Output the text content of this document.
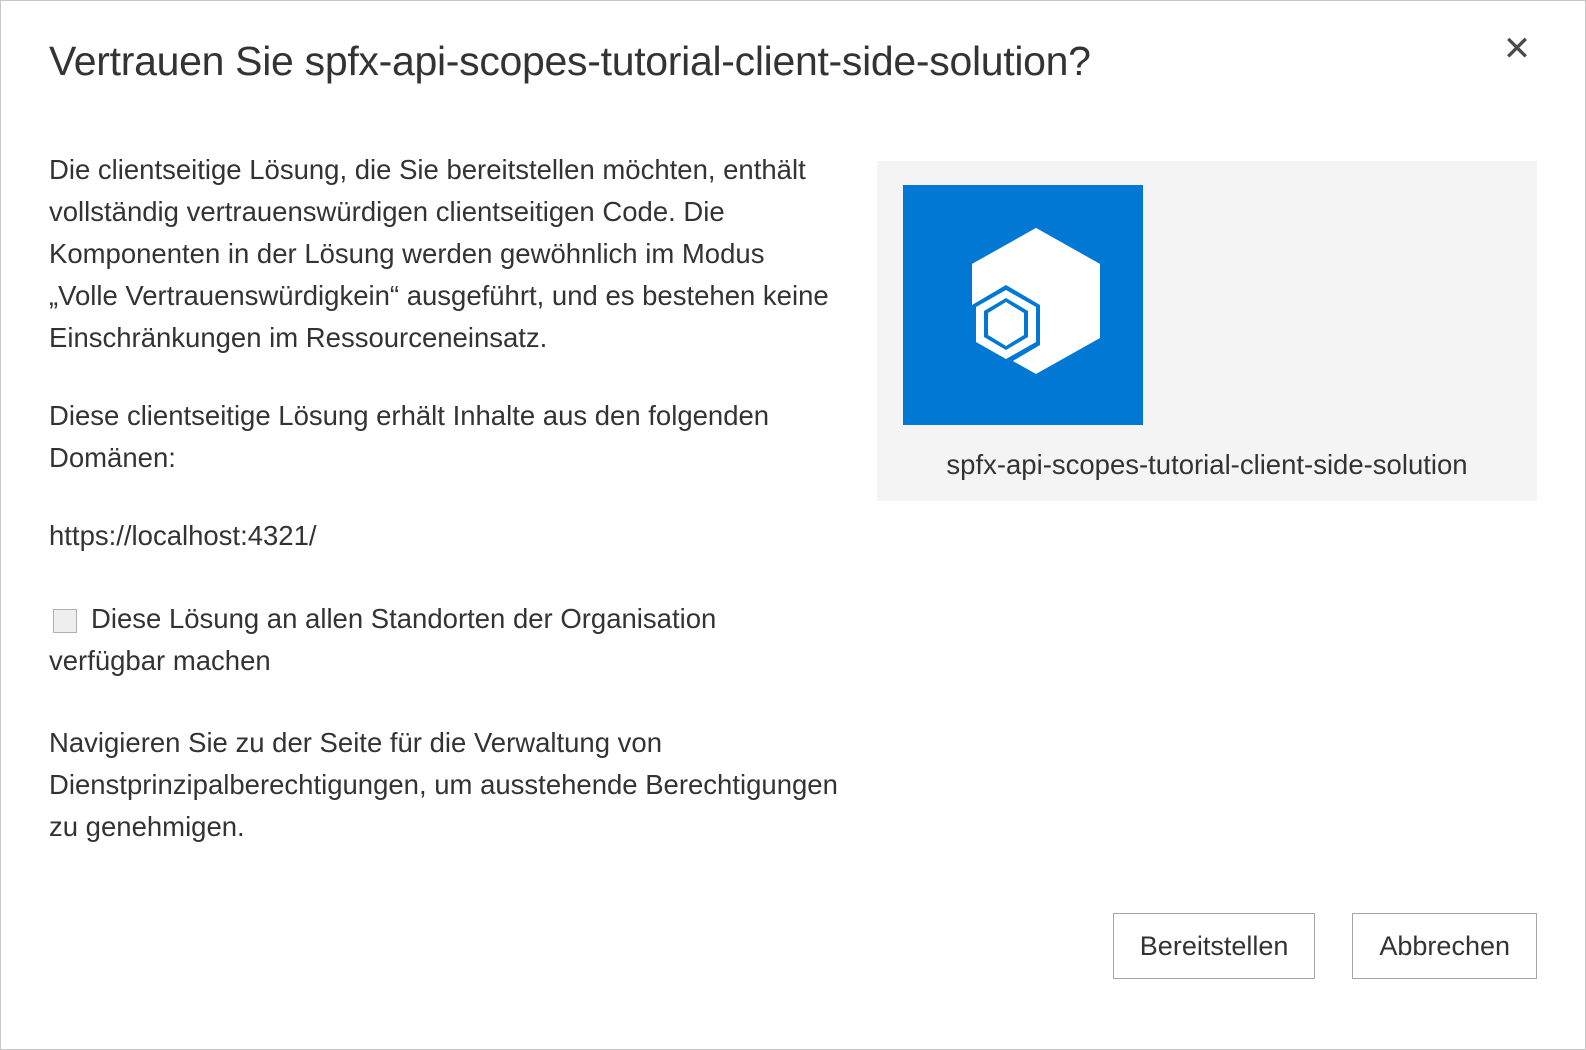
Vertrauen Sie spfx-api-scopes-tutorial-client-side-solution?	✕

Die clientseitige Lösung, die Sie bereitstellen möchten, enthält vollständig vertrauenswürdigen clientseitigen Code. Die Komponenten in der Lösung werden gewöhnlich im Modus „Volle Vertrauenswürdigkein“ ausgeführt, und es bestehen keine Einschränkungen im Ressourceneinsatz.

Diese clientseitige Lösung erhält Inhalte aus den folgenden Domänen:

https://localhost:4321/

Diese Lösung an allen Standorten der Organisation verfügbar machen

Navigieren Sie zu der Seite für die Verwaltung von Dienstprinzipalberechtigungen, um ausstehende Berechtigungen zu genehmigen.

spfx-api-scopes-tutorial-client-side-solution
Bereitstellen	Abbrechen
